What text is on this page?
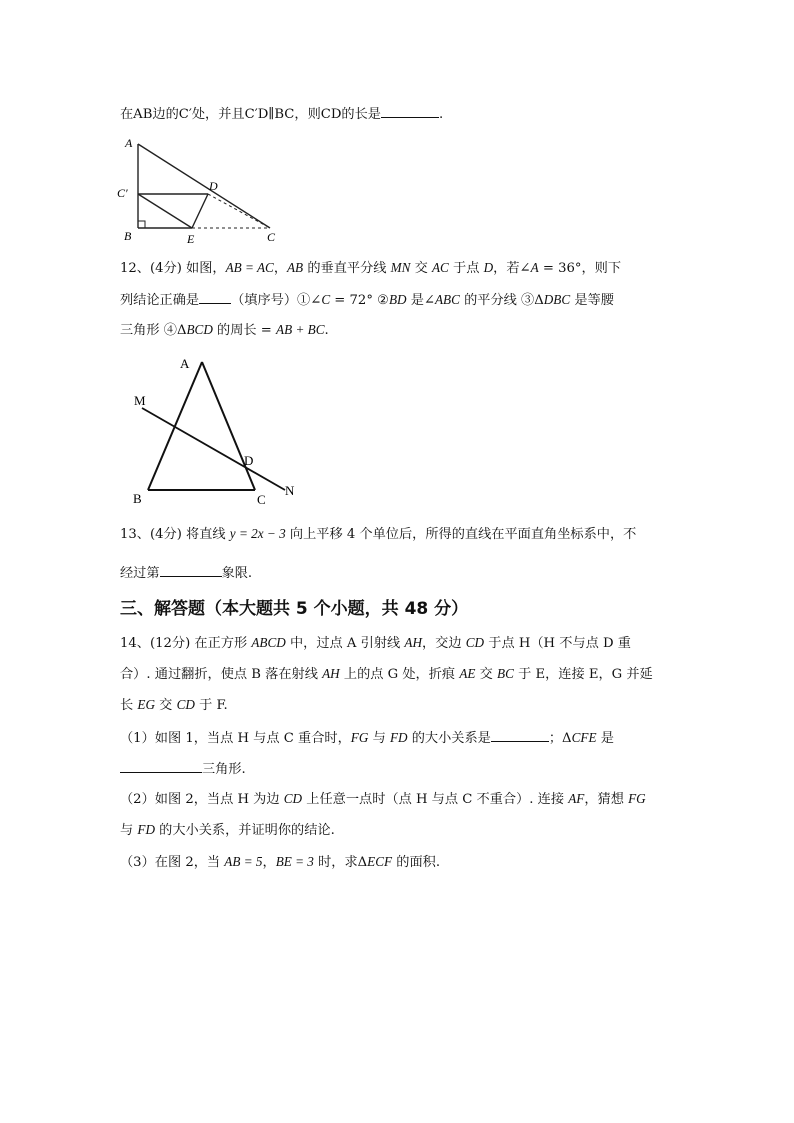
在AB边的C′处，并且C′D∥BC，则CD的长是	.
A
C′	D
B	E	C
12、(4分) 如图，AB = AC，AB 的垂直平分线 MN 交 AC 于点 D，若∠A = 36°，则下
列结论正确是 （填序号）①∠C = 72° ②BD 是∠ABC 的平分线 ③ΔDBC 是等腰
三角形 ④ΔBCD 的周长 = AB + BC.
A
M
D
B	C
N
13、(4分) 将直线 y = 2x − 3 向上平移 4 个单位后，所得的直线在平面直角坐标系中，不
经过第	象限.
三、解答题（本大题共 5 个小题，共 48 分）
14、(12分) 在正方形 ABCD 中，过点 A 引射线 AH，交边 CD 于点 H（H 不与点 D 重
合）. 通过翻折，使点 B 落在射线 AH 上的点 G 处，折痕 AE 交 BC 于 E，连接 E，G 并延
长 EG 交 CD 于 F.
（1）如图 1，当点 H 与点 C 重合时，FG 与 FD 的大小关系是	；ΔCFE 是
三角形.
（2）如图 2，当点 H 为边 CD 上任意一点时（点 H 与点 C 不重合）. 连接 AF，猜想 FG
与 FD 的大小关系，并证明你的结论.
（3）在图 2，当 AB = 5，BE = 3 时，求ΔECF 的面积.
